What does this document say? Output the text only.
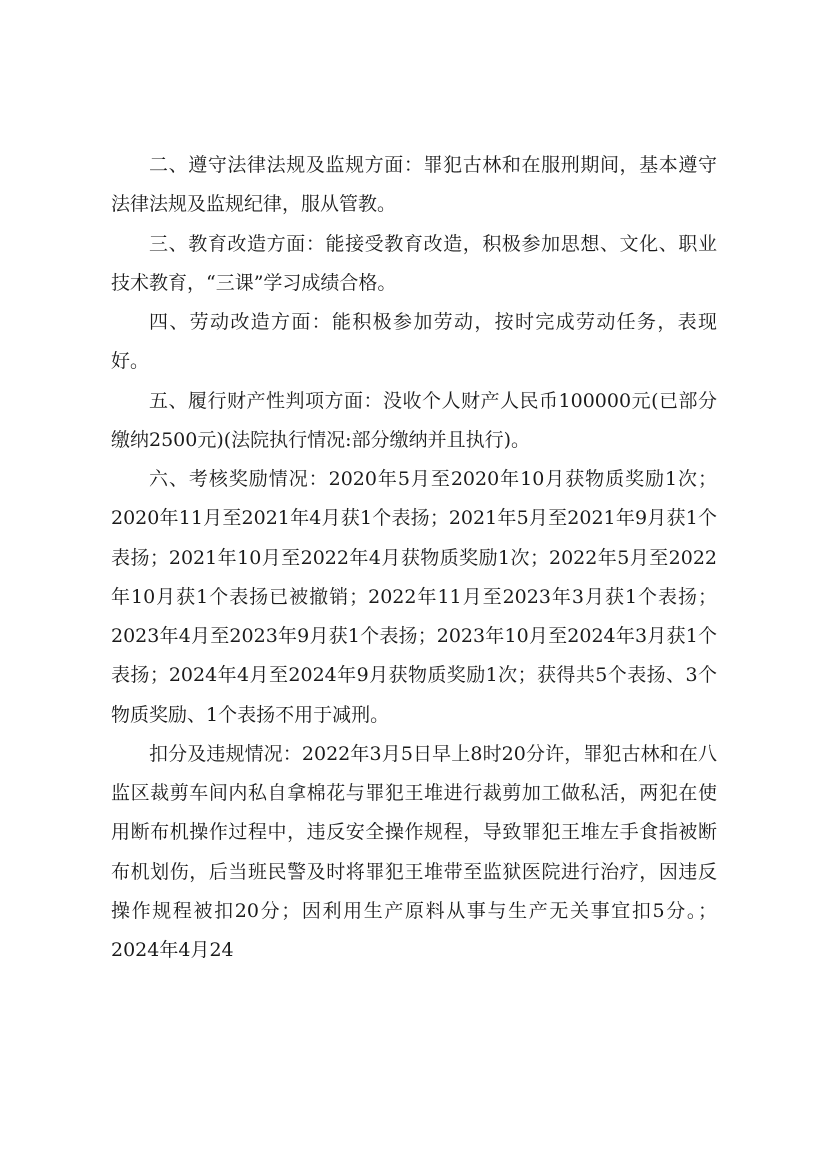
二、遵守法律法规及监规方面：罪犯古林和在服刑期间，基本遵守法律法规及监规纪律，服从管教。

三、教育改造方面：能接受教育改造，积极参加思想、文化、职业技术教育，“三课”学习成绩合格。

四、劳动改造方面：能积极参加劳动，按时完成劳动任务，表现好。

五、履行财产性判项方面：没收个人财产人民币100000元(已部分缴纳2500元)(法院执行情况:部分缴纳并且执行)。

六、考核奖励情况：2020年5月至2020年10月获物质奖励1次；2020年11月至2021年4月获1个表扬；2021年5月至2021年9月获1个表扬；2021年10月至2022年4月获物质奖励1次；2022年5月至2022年10月获1个表扬已被撤销；2022年11月至2023年3月获1个表扬；2023年4月至2023年9月获1个表扬；2023年10月至2024年3月获1个表扬；2024年4月至2024年9月获物质奖励1次；获得共5个表扬、3个物质奖励、1个表扬不用于减刑。

扣分及违规情况：2022年3月5日早上8时20分许，罪犯古林和在八监区裁剪车间内私自拿棉花与罪犯王堆进行裁剪加工做私活，两犯在使用断布机操作过程中，违反安全操作规程，导致罪犯王堆左手食指被断布机划伤，后当班民警及时将罪犯王堆带至监狱医院进行治疗，因违反操作规程被扣20分；因利用生产原料从事与生产无关事宜扣5分。；2024年4月24
